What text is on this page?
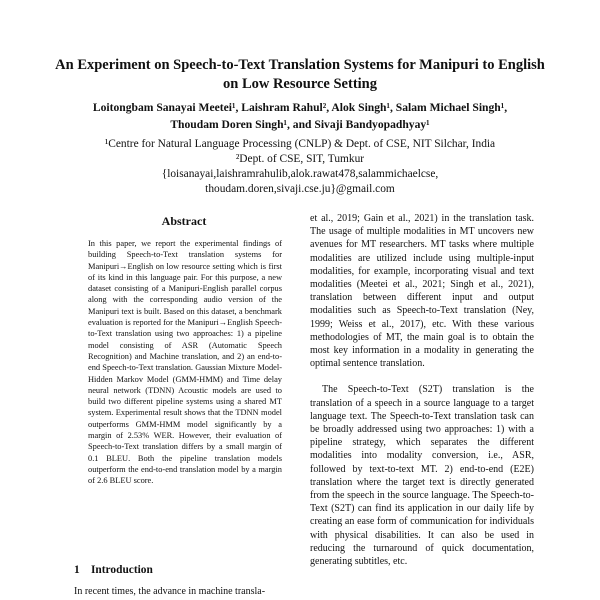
An Experiment on Speech-to-Text Translation Systems for Manipuri to English on Low Resource Setting
Loitongbam Sanayai Meetei¹, Laishram Rahul², Alok Singh¹, Salam Michael Singh¹,
Thoudam Doren Singh¹, and Sivaji Bandyopadhyay¹
¹Centre for Natural Language Processing (CNLP) & Dept. of CSE, NIT Silchar, India
²Dept. of CSE, SIT, Tumkur
{loisanayai,laishramrahulib,alok.rawat478,salammichaelcse,
thoudam.doren,sivaji.cse.ju}@gmail.com
Abstract
In this paper, we report the experimental findings of building Speech-to-Text translation systems for Manipuri→English on low resource setting which is first of its kind in this language pair. For this purpose, a new dataset consisting of a Manipuri-English parallel corpus along with the corresponding audio version of the Manipuri text is built. Based on this dataset, a benchmark evaluation is reported for the Manipuri→English Speech-to-Text translation using two approaches: 1) a pipeline model consisting of ASR (Automatic Speech Recognition) and Machine translation, and 2) an end-to-end Speech-to-Text translation. Gaussian Mixture Model-Hidden Markov Model (GMM-HMM) and Time delay neural network (TDNN) Acoustic models are used to build two different pipeline systems using a shared MT system. Experimental result shows that the TDNN model outperforms GMM-HMM model significantly by a margin of 2.53% WER. However, their evaluation of Speech-to-Text translation differs by a small margin of 0.1 BLEU. Both the pipeline translation models outperform the end-to-end translation model by a margin of 2.6 BLEU score.
1 Introduction
In recent times, the advance in machine transla-

et al., 2019; Gain et al., 2021) in the translation task. The usage of multiple modalities in MT uncovers new avenues for MT researchers. MT tasks where multiple modalities are utilized include using multiple-input modalities, for example, incorporating visual and text modalities (Meetei et al., 2021; Singh et al., 2021), translation between different input and output modalities such as Speech-to-Text translation (Ney, 1999; Weiss et al., 2017), etc. With these various methodologies of MT, the main goal is to obtain the most key information in a modality in generating the optimal sentence translation.

The Speech-to-Text (S2T) translation is the translation of a speech in a source language to a target language text. The Speech-to-Text translation task can be broadly addressed using two approaches: 1) with a pipeline strategy, which separates the different modalities into modality conversion, i.e., ASR, followed by text-to-text MT. 2) end-to-end (E2E) translation where the target text is directly generated from the speech in the source language. The Speech-to-Text (S2T) can find its application in our daily life by creating an ease form of communication for individuals with physical disabilities. It can also be used in reducing the turnaround of quick documentation, generating subtitles, etc.
